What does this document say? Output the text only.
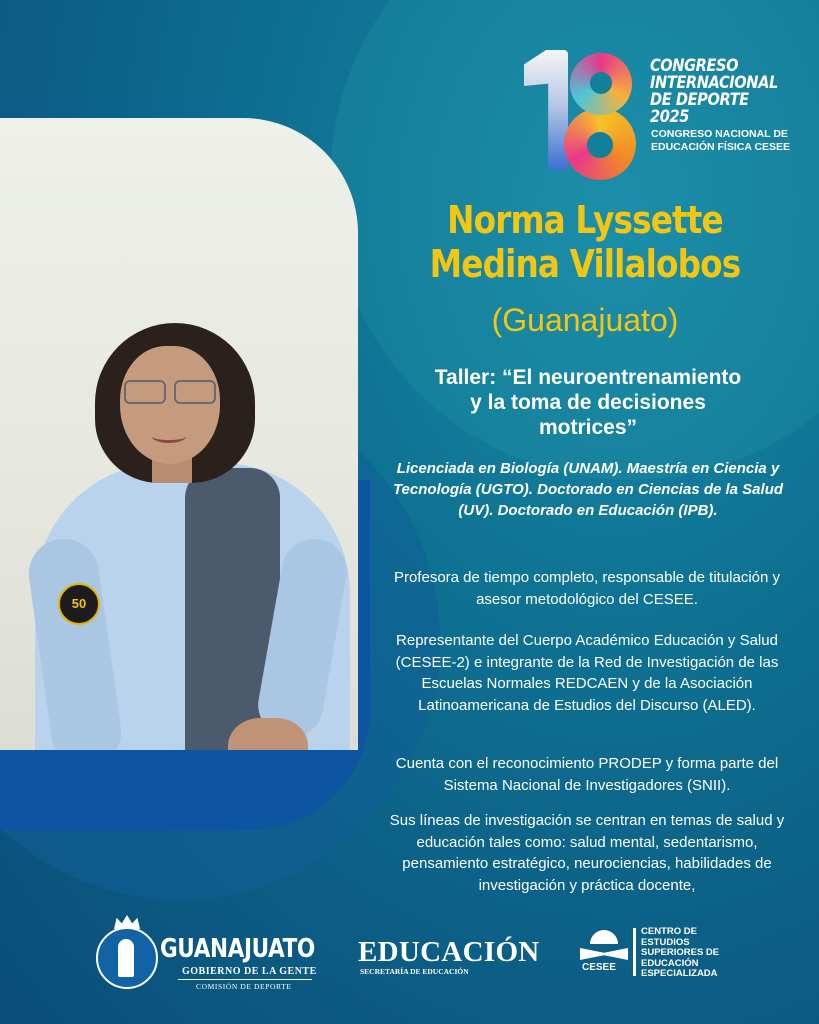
50
CONGRESO INTERNACIONAL DE DEPORTE 2025
CONGRESO NACIONAL DE EDUCACIÓN FÍSICA CESEE
Norma Lyssette
Medina Villalobos
(Guanajuato)
Taller: “El neuroentrenamiento
y la toma de decisiones
motrices”
Licenciada en Biología (UNAM). Maestría en Ciencia y Tecnología (UGTO). Doctorado en Ciencias de la Salud (UV). Doctorado en Educación (IPB).
Profesora de tiempo completo, responsable de titulación y asesor metodológico del CESEE.
Representante del Cuerpo Académico Educación y Salud (CESEE-2) e integrante de la Red de Investigación de las Escuelas Normales REDCAEN y de la Asociación Latinoamericana de Estudios del Discurso (ALED).
Cuenta con el reconocimiento PRODEP y forma parte del Sistema Nacional de Investigadores (SNII).
Sus líneas de investigación se centran en temas de salud y educación tales como: salud mental, sedentarismo, pensamiento estratégico, neurociencias, habilidades de investigación y práctica docente,
GUANAJUATO
GOBIERNO DE LA GENTE
COMISIÓN DE DEPORTE
EDUCACIÓN
SECRETARÍA DE EDUCACIÓN	CESEE
CENTRO DE ESTUDIOS SUPERIORES DE EDUCACIÓN ESPECIALIZADA
